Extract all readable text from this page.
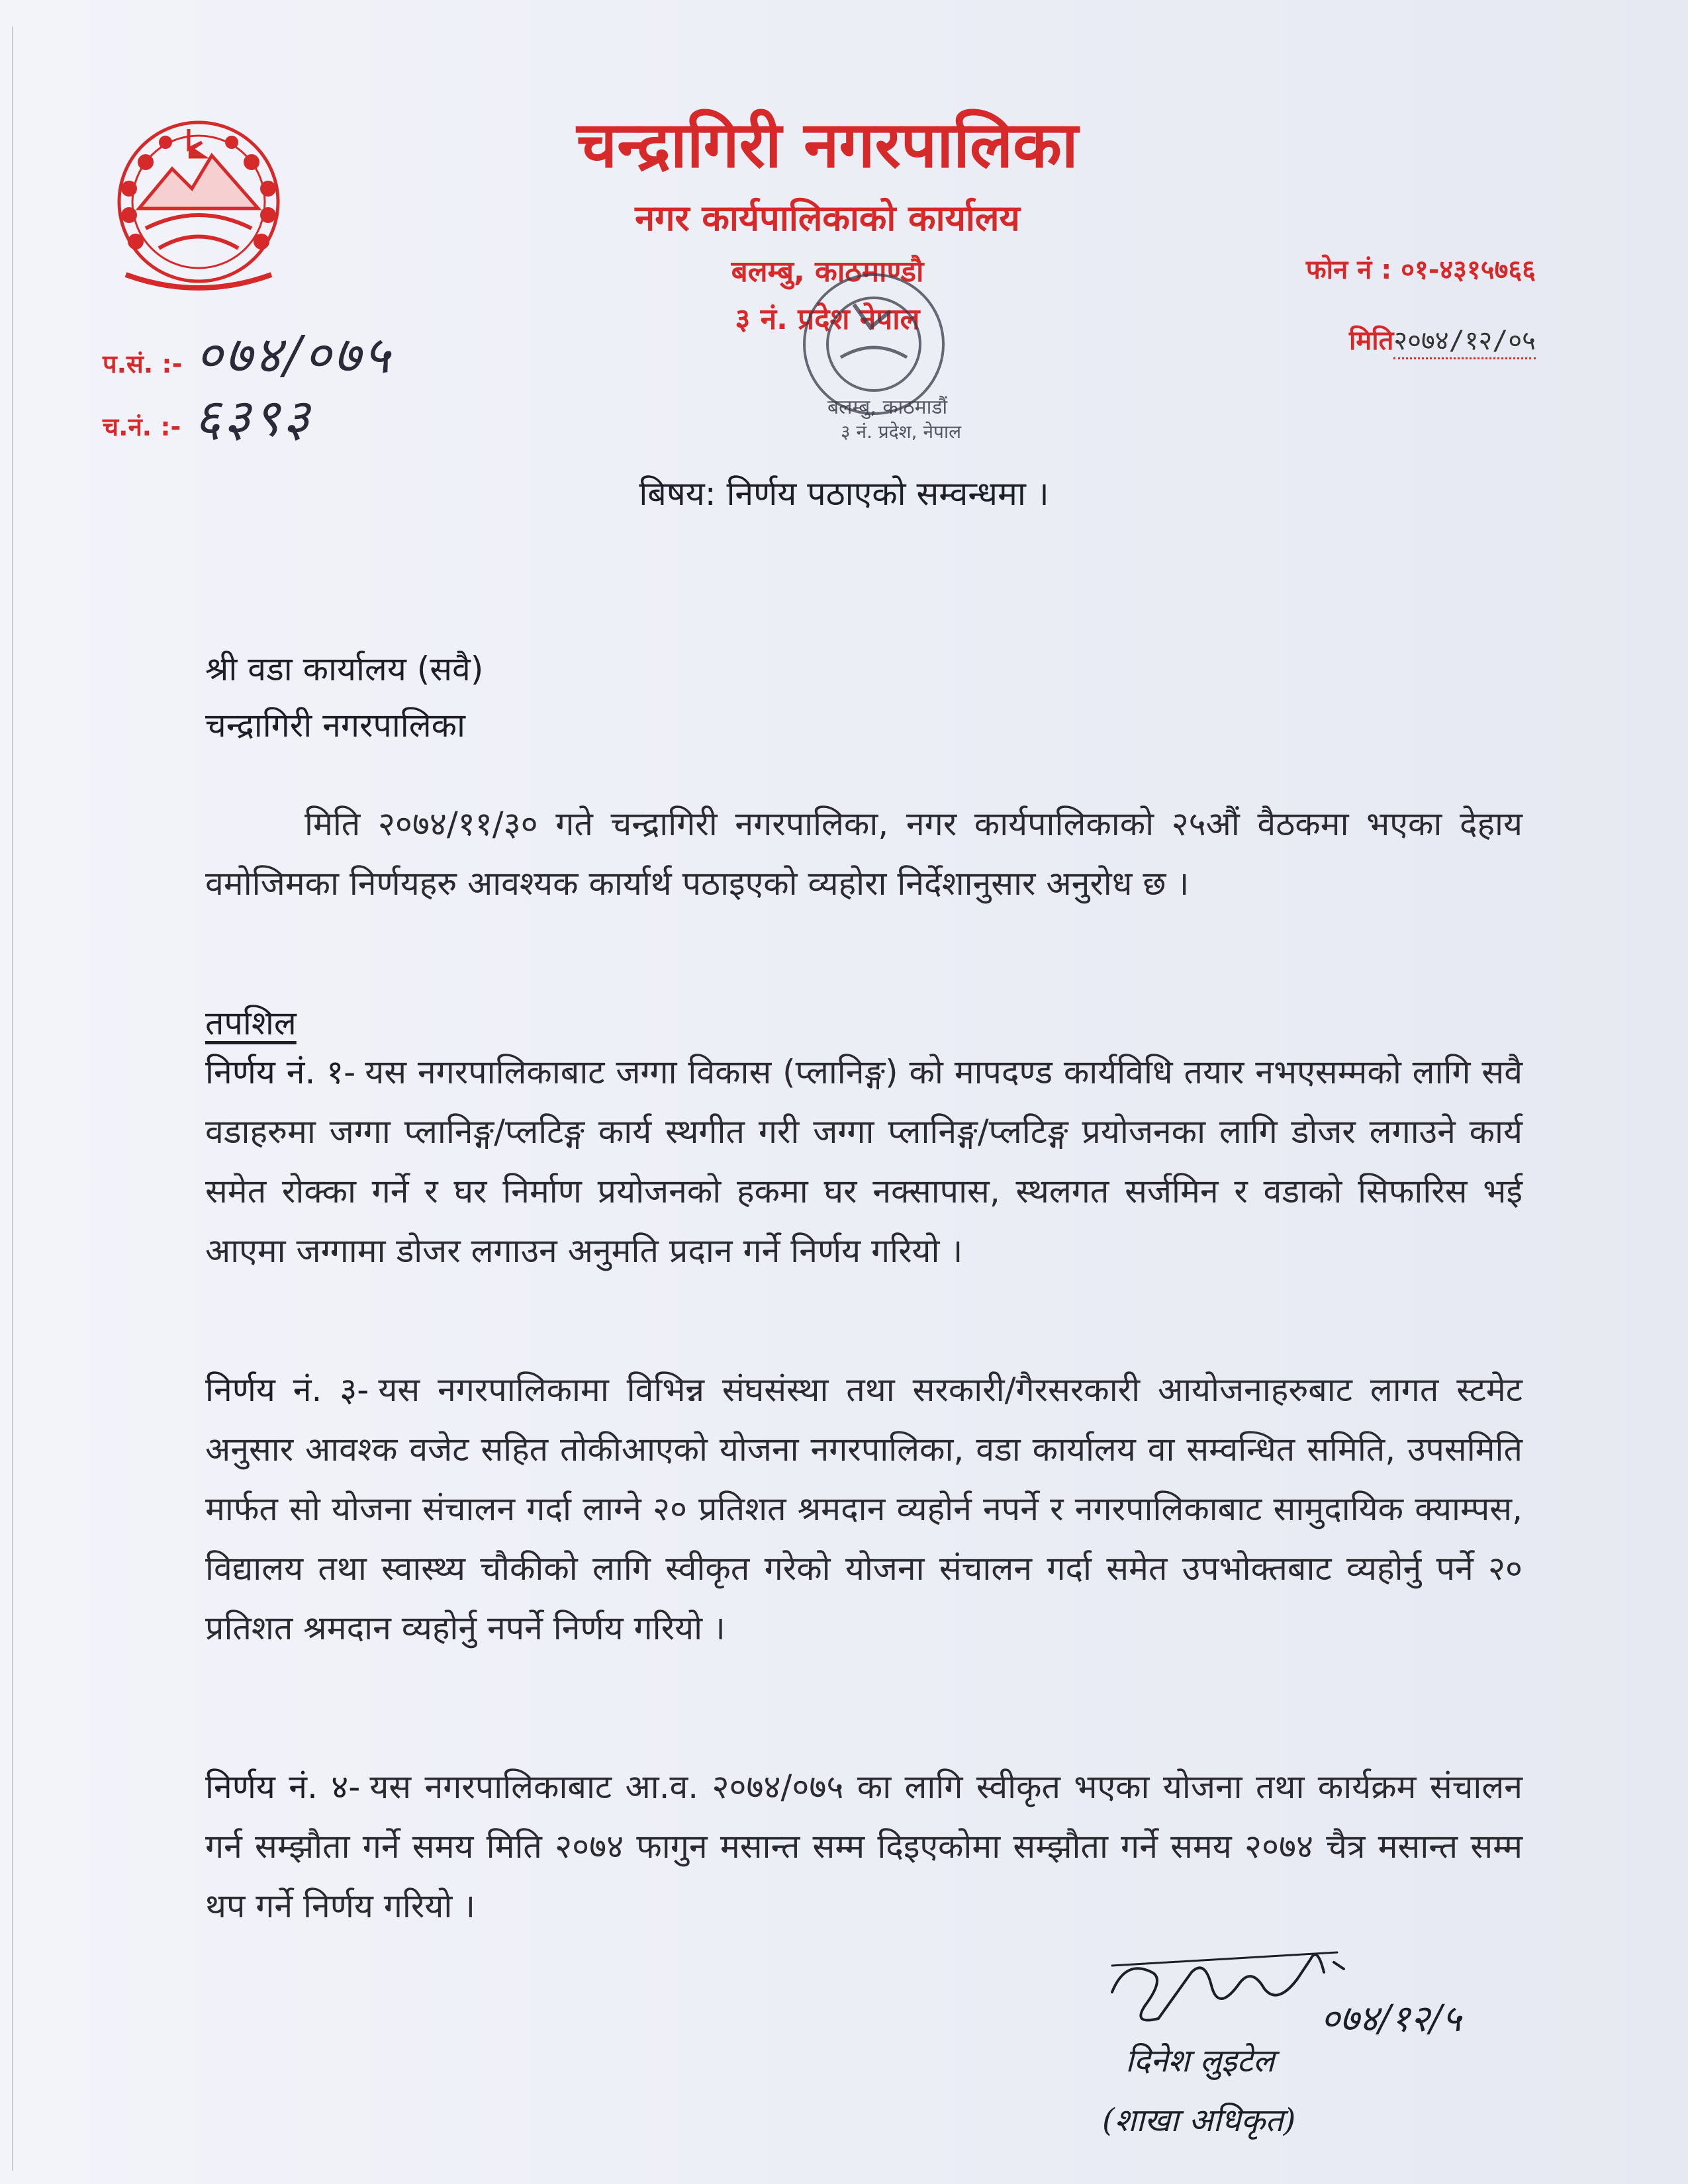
चन्द्रागिरी नगरपालिका
नगर कार्यपालिकाको कार्यालय
बलम्बु, काठमाण्डौ
३ नं. प्रदेश नेपाल
फोन नं : ०१-४३१५७६६
मिति२०७४/१२/०५
प.सं. :- ०७४/०७५
च.नं. :- ६३९३	बलम्बु, काठमाडौं
३ नं. प्रदेश, नेपाल
बिषय: निर्णय पठाएको सम्वन्धमा ।
श्री वडा कार्यालय (सवै)
चन्द्रागिरी नगरपालिका
मिति २०७४/११/३० गते चन्द्रागिरी नगरपालिका, नगर कार्यपालिकाको २५औं वैठकमा भएका देहाय वमोजिमका निर्णयहरु आवश्यक कार्यार्थ पठाइएको व्यहोरा निर्देशानुसार अनुरोध छ ।
तपशिल
निर्णय नं. १- यस नगरपालिकाबाट जग्गा विकास (प्लानिङ्ग) को मापदण्ड कार्यविधि तयार नभएसम्मको लागि सवै वडाहरुमा जग्गा प्लानिङ्ग/प्लटिङ्ग कार्य स्थगीत गरी जग्गा प्लानिङ्ग/प्लटिङ्ग प्रयोजनका लागि डोजर लगाउने कार्य समेत रोक्का गर्ने र घर निर्माण प्रयोजनको हकमा घर नक्सापास, स्थलगत सर्जमिन र वडाको सिफारिस भई आएमा जग्गामा डोजर लगाउन अनुमति प्रदान गर्ने निर्णय गरियो ।
निर्णय नं. ३- यस नगरपालिकामा विभिन्न संघसंस्था तथा सरकारी/गैरसरकारी आयोजनाहरुबाट लागत स्टमेट अनुसार आवश्क वजेट सहित तोकीआएको योजना नगरपालिका, वडा कार्यालय वा सम्वन्धित समिति, उपसमिति मार्फत सो योजना संचालन गर्दा लाग्ने २० प्रतिशत श्रमदान व्यहोर्न नपर्ने र नगरपालिकाबाट सामुदायिक क्याम्पस, विद्यालय तथा स्वास्थ्य चौकीको लागि स्वीकृत गरेको योजना संचालन गर्दा समेत उपभोक्तबाट व्यहोर्नु पर्ने २० प्रतिशत श्रमदान व्यहोर्नु नपर्ने निर्णय गरियो ।
निर्णय नं. ४- यस नगरपालिकाबाट आ.व. २०७४/०७५ का लागि स्वीकृत भएका योजना तथा कार्यक्रम संचालन गर्न सम्झौता गर्ने समय मिति २०७४ फागुन मसान्त सम्म दिइएकोमा सम्झौता गर्ने समय २०७४ चैत्र मसान्त सम्म थप गर्ने निर्णय गरियो ।
०७४/१२/५
दिनेश लुइटेल
(शाखा अधिकृत)
